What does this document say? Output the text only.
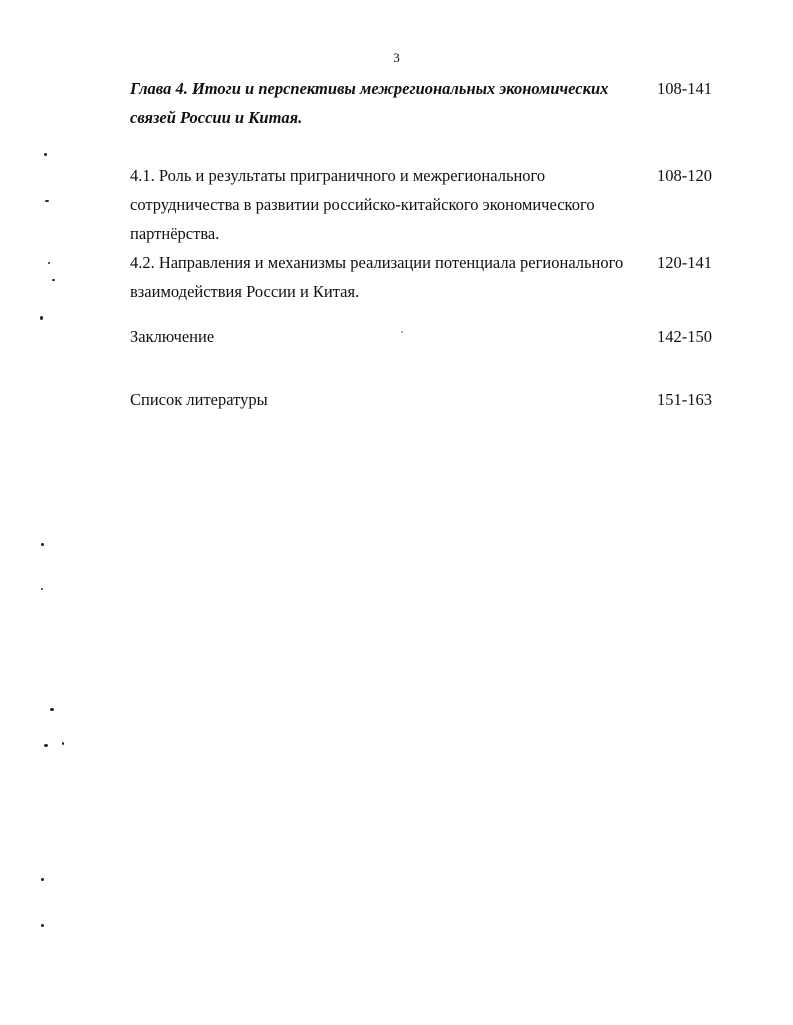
3
Глава 4. Итоги и перспективы межрегиональных экономических связей России и Китая.
108-141
4.1. Роль и результаты приграничного и межрегионального сотрудничества в развитии российско-китайского экономического партнёрства.
108-120
4.2. Направления и механизмы реализации потенциала регионального взаимодействия России и Китая.
120-141
Заключение	142-150
Список литературы	151-163
